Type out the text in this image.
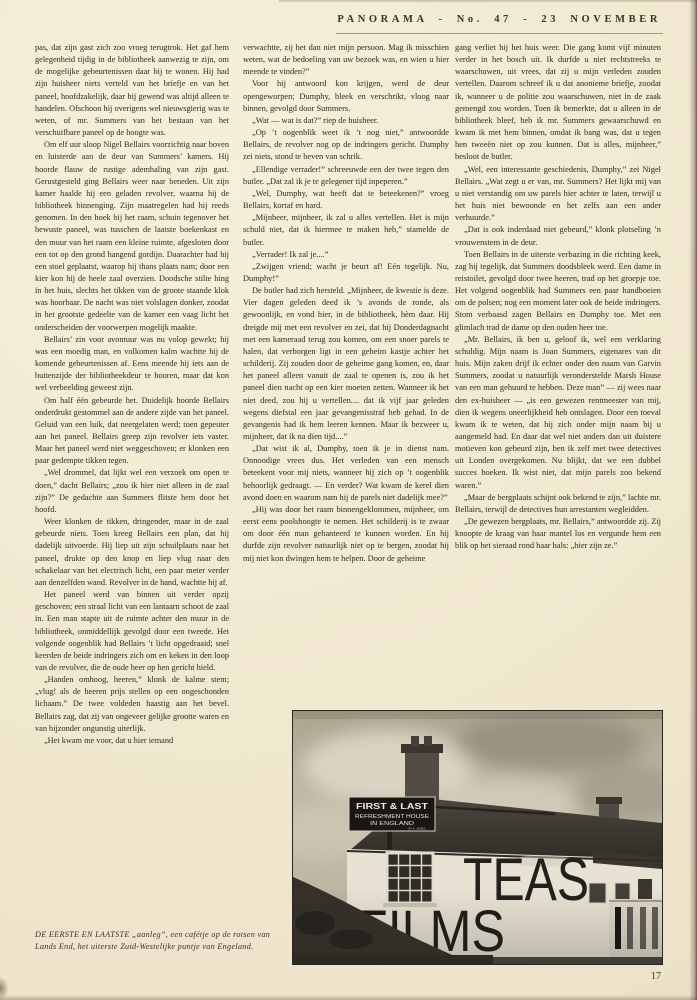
PANORAMA - No. 47 - 23 NOVEMBER

pas, dat zijn gast zich zoo vroeg terugtrok. Het gaf hem gelegenheid tijdig in de bibliotheek aanwezig te zijn, om de mogelijke gebeurtenissen daar bij te wonen. Hij had zijn huisheer niets verteld van het briefje en van het paneel, hoofdzakelijk, daar hij gewend was altijd alleen te handelen. Ofschoon hij overigens wel nieuwsgierig was te weten, of mr. Summers van het bestaan van het verschuifbare paneel op de hoogte was.

Om elf uur sloop Nigel Bellairs voorzichtig naar boven en luisterde aan de deur van Summers’ kamers. Hij hoorde flauw de rustige ademhaling van zijn gast. Gerustgesteld ging Bellairs weer naar beneden. Uit zijn kamer haalde hij een geladen revolver, waarna hij de bibliotheek binnenging. Zijn maatregelen had hij reeds genomen. In den hoek bij het raam, schuin tegenover het bewuste paneel, was tusschen de laatste boekenkast en den muur van het raam een kleine ruimte, afgesloten door een tot op den grond hangend gordijn. Daarachter had hij een stoel geplaatst, waarop hij thans plaats nam; door een kier kon hij de heele zaal overzien. Doodsche stilte hing in het huis, slechts het tikken van de groote staande klok was hoorbaar. De nacht was niet volslagen donker, zoodat in het grootste gedeelte van de kamer een vaag licht het onderscheiden der voorwerpen mogelijk maakte.

Bellairs’ zin voor avontuur was nu volop gewekt; hij was een moedig man, en volkomen kalm wachtte hij de komende gebeurtenissen af. Eens meende hij iets aan de buitenzijde der bibliotheekdeur te hooren, maar dat kon wel verbeelding geweest zijn.

Om half één gebeurde het. Duidelijk hoorde Bellairs onderdrukt gestommel aan de andere zijde van het paneel. Geluid van een luik, dat neergelaten werd; toen gepeuter aan het paneel. Bellairs greep zijn revolver iets vaster. Maar het paneel werd niet weggeschoven; er klonken een paar gedempte tikken tegen.

„Wel drommel, dat lijkt wel een verzoek om open te doen,” dacht Bellairs; „zou ik hier niet alleen in de zaal zijn?” De gedachte aan Summers flitste hem door het hoofd.

Weer klonken de tikken, dringender, maar in de zaal gebeurde niets. Toen kreeg Bellairs een plan, dat hij dadelijk uitvoerde. Hij liep uit zijn schuilplaats naar het paneel, drukte op den knop en liep vlug naar den schakelaar van het electrisch licht, een paar meter verder aan denzelfden wand. Revolver in de hand, wachtte hij af.

Het paneel werd van binnen uit verder opzij geschoven; een straal licht van een lantaarn schoot de zaal in. Een man stapte uit de ruimte achter den muur in de bibliotheek, onmiddellijk gevolgd door een tweede. Het volgende oogenblik had Bellairs ’t licht opgedraaid; snel keerden de beide indringers zich om en keken in den loop van de revolver, die de oude heer op hen gericht hield.

„Handen omhoog, heeren,” klonk de kalme stem; „vlug! als de heeren prijs stellen op een ongeschonden lichaam.” De twee voldeden haastig aan het bevel. Bellairs zag, dat zij van ongeveer gelijke grootte waren en van bijzonder ongunstig uiterlijk.

„Het kwam me voor, dat u hier iemand

verwachtte, zij het dan niet mijn persoon. Mag ik misschien weten, wat de bedoeling van uw bezoek was, en wien u hier meende te vinden?”

Voor hij antwoord kon krijgen, werd de deur opengeworpen; Dumphy, bleek en verschrikt, vloog naar binnen, gevolgd door Summers.

„Wat — wat is dat?” riep de huisheer.

„Op ’t oogenblik weet ik ’t nog niet,” antwoordde Bellairs, de revolver nog op de indringers gericht. Dumphy zei niets, stond te beven van schrik.

„Ellendige verrader!” schreeuwde een der twee tegen den butler. „Dat zal ik je te gelegener tijd inpeperen.”

„Wel, Dumphy, wat heeft dat te beteekenen?” vroeg Bellairs, kortaf en hard.

„Mijnheer, mijnheer, ik zal u alles vertellen. Het is mijn schuld niet, dat ik hiermee te maken heb,” stamelde de butler.

„Verrader! Ik zal je....”

„Zwijgen vriend; wacht je beurt af! Eén tegelijk. Nu, Dumphy!”

De butler had zich hersteld. „Mijnheer, de kwestie is deze. Vier dagen geleden deed ik ’s avonds de ronde, als gewoonlijk, en vond hier, in de bibliotheek, hèm daar. Hij dreigde mij met een revolver en zei, dat hij Donderdagnacht met een kameraad terug zou komen, om een snoer parels te halen, dat verborgen ligt in een geheim kastje achter het schilderij. Zij zouden door de geheime gang komen, en, daar het paneel alleen vanuit de zaal te openen is, zou ik het paneel dien nacht op een kier moeten zetten. Wanneer ik het niet deed, zou hij u vertellen.... dat ik vijf jaar geleden wegens diefstal een jaar gevangenisstraf heb gehad. In de gevangenis had ik hem leeren kennen. Maar ik bezweer u, mijnheer, dat ik na dien tijd....”

„Dat wist ik al, Dumphy, toen ik je in dienst nam. Onnoodige vrees dus. Het verleden van een mensch beteekent voor mij niets, wanneer hij zich op ’t oogenblik behoorlijk gedraagt. — En verder? Wat kwam de kerel dien avond doen en waarom nam hij de parels niet dadelijk mee?”

„Hij was door het raam binnengeklommen, mijnheer, om eerst eens poolshoogte te nemen. Het schilderij is te zwaar om door één man gehanteerd te kunnen worden. En hij durfde zijn revolver natuurlijk niet op te bergen, zoodat hij mij niet kon dwingen hem te helpen. Door de geheime

gang verliet hij het huis weer. Die gang komt vijf minuten verder in het bosch uit. Ik durfde u niet rechtstreeks te waarschuwen, uit vrees, dat zij u mijn verleden zouden vertellen. Daarom schreef ik u dat anonieme briefje, zoodat ik, wanneer u de politie zou waarschuwen, niet in de zaak gemengd zou worden. Toen ik bemerkte, dat u alleen in de bibliotheek bleef, heb ik mr. Summers gewaarschuwd en kwam ik met hem binnen, omdat ik bang was, dat u tegen hen tweeën niet op zou kunnen. Dat is alles, mijnheer,” besloot de butler.

„Wel, een interessante geschiedenis, Dumphy,” zei Nigel Bellairs. „Wat zegt u er van, mr. Summers? Het lijkt mij van u niet verstandig om uw parels hier achter te laten, terwijl u het huis niet bewoonde en het zelfs aan een ander verhuurde.”

„Dat is ook inderdaad niet gebeurd,” klonk plotseling ’n vrouwenstem in de deur.

Toen Bellairs in de uiterste verbazing in die richting keek, zag hij tegelijk, dat Summers doodsbleek werd. Een dame in reistoilet, gevolgd door twee heeren, trad op het groepje toe. Het volgend oogenblik had Summers een paar handboeien om de polsen; nog een moment later ook de beide indringers. Stom verbaasd zagen Bellairs en Dumphy toe. Met een glimlach trad de dame op den ouden heer toe.

„Mr. Bellairs, ik ben u, geloof ik, wel een verklaring schuldig. Mijn naam is Joan Summers, eigenares van dit huis. Mijn zaken drijf ik echter onder den naam van Garvin Summers, zoodat u natuurlijk veronderstelde Marsh House van een man gehuurd te hebben. Deze man” — zij wees naar den ex-huisheer — „is een gewezen rentmeester van mij, dien ik wegens oneerlijkheid heb ontslagen. Door een toeval kwam ik te weten, dat hij zich onder mijn naam bij u aangemeld had. En daar dat wel niet anders dan uit duistere motieven kon gebeurd zijn, ben ik zelf met twee detectives uit Londen overgekomen. Nu blijkt, dat we een dubbel succes boeken. Ik wist niet, dat mijn parels zoo bekend waren.”

„Maar de bergplaats schijnt ook bekend te zijn,” lachte mr. Bellairs, terwijl de detectives hun arrestanten wegleidden.

„De gewezen bergplaats, mr. Bellairs,” antwoordde zij. Zij knoopte de kraag van haar mantel los en vergunde hem een blik op het sieraad rond haar hals: „hier zijn ze.”

DE EERSTE EN LAATSTE „aanleg”, een cafétje op de rotsen van Lands End, het uiterste Zuid-Westelijke puntje van Engeland.
17
